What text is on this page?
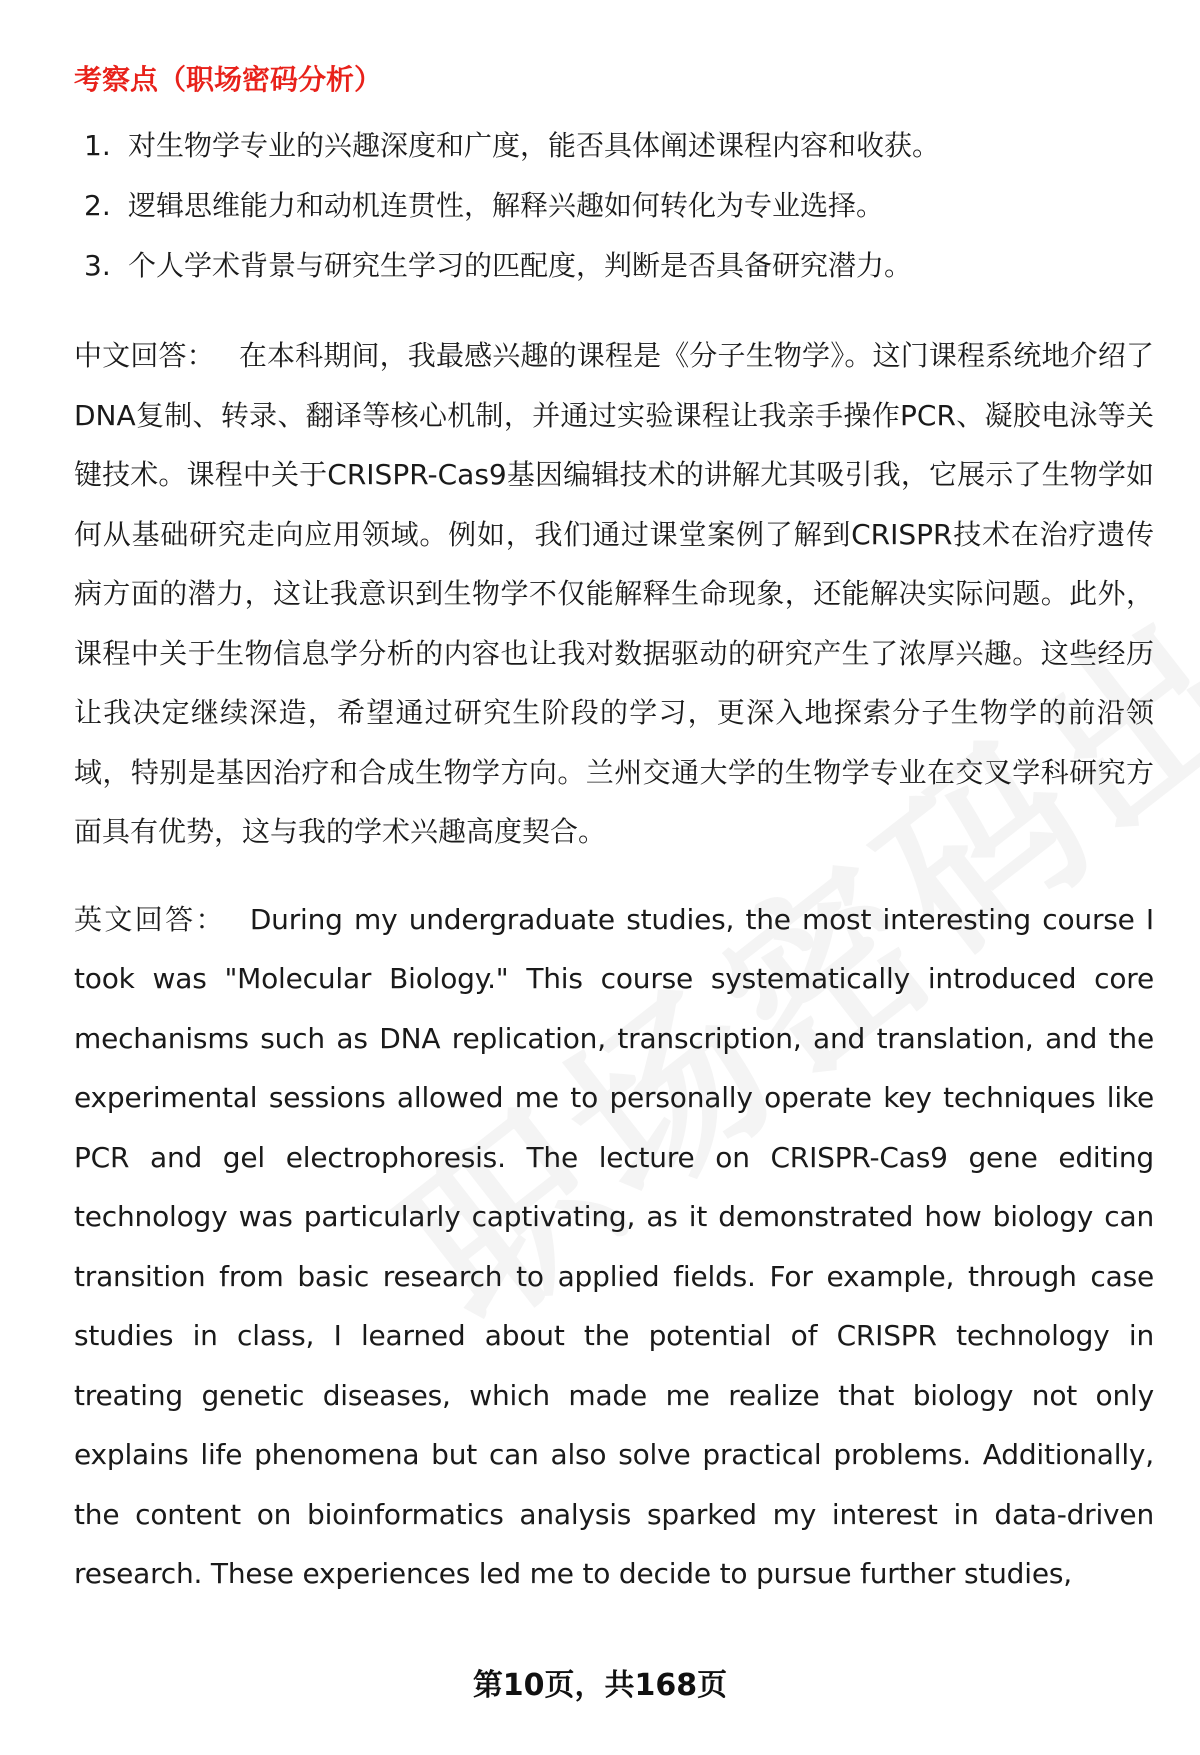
考察点（职场密码分析）
1. 对生物学专业的兴趣深度和广度，能否具体阐述课程内容和收获。
2. 逻辑思维能力和动机连贯性，解释兴趣如何转化为专业选择。
3. 个人学术背景与研究生学习的匹配度，判断是否具备研究潜力。

中文回答： 在本科期间，我最感兴趣的课程是《分子生物学》。这门课程系统地介绍了DNA复制、转录、翻译等核心机制，并通过实验课程让我亲手操作PCR、凝胶电泳等关键技术。课程中关于CRISPR-Cas9基因编辑技术的讲解尤其吸引我，它展示了生物学如何从基础研究走向应用领域。例如，我们通过课堂案例了解到CRISPR技术在治疗遗传病方面的潜力，这让我意识到生物学不仅能解释生命现象，还能解决实际问题。此外，课程中关于生物信息学分析的内容也让我对数据驱动的研究产生了浓厚兴趣。这些经历让我决定继续深造，希望通过研究生阶段的学习，更深入地探索分子生物学的前沿领域，特别是基因治疗和合成生物学方向。兰州交通大学的生物学专业在交叉学科研究方面具有优势，这与我的学术兴趣高度契合。

英文回答： During my undergraduate studies, the most interesting course I took was "Molecular Biology." This course systematically introduced core mechanisms such as DNA replication, transcription, and translation, and the experimental sessions allowed me to personally operate key techniques like PCR and gel electrophoresis. The lecture on CRISPR-Cas9 gene editing technology was particularly captivating, as it demonstrated how biology can transition from basic research to applied fields. For example, through case studies in class, I learned about the potential of CRISPR technology in treating genetic diseases, which made me realize that biology not only explains life phenomena but can also solve practical problems. Additionally, the content on bioinformatics analysis sparked my interest in data-driven research. These experiences led me to decide to pursue further studies,

第10页，共168页
